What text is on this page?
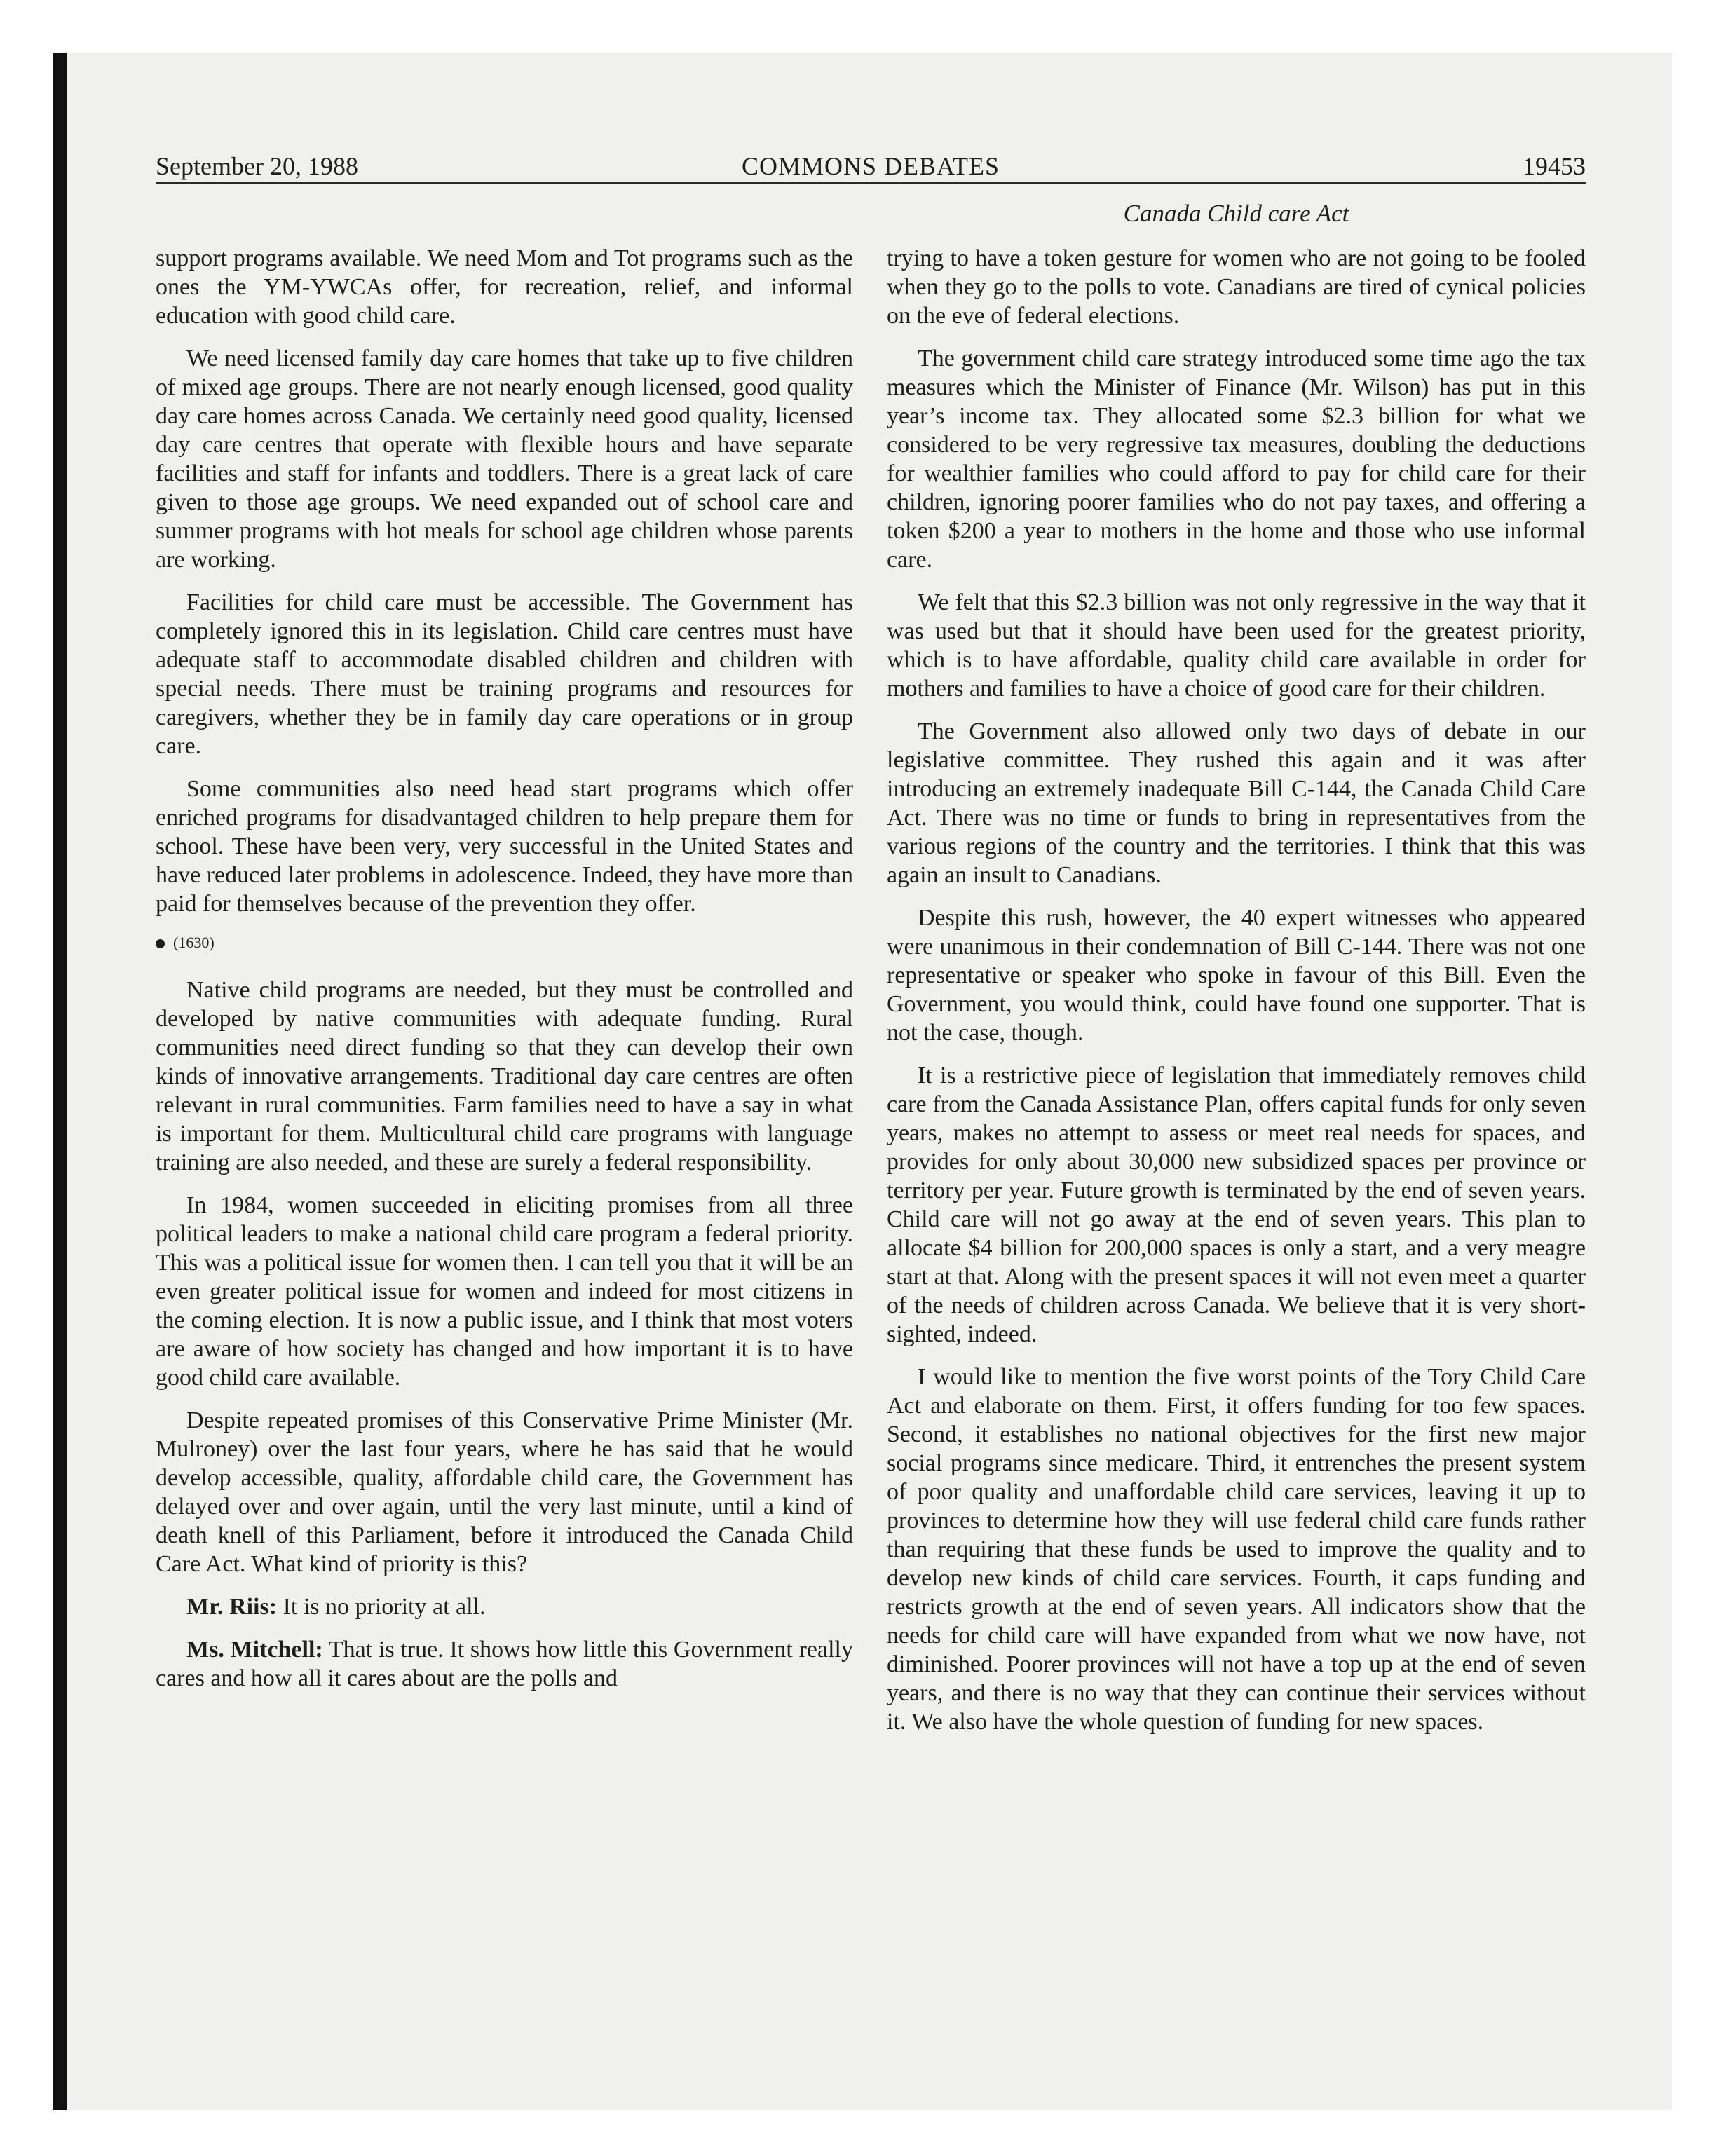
September 20, 1988	COMMONS DEBATES	19453
Canada Child care Act

support programs available. We need Mom and Tot programs such as the ones the YM-YWCAs offer, for recreation, relief, and informal education with good child care.

We need licensed family day care homes that take up to five children of mixed age groups. There are not nearly enough licensed, good quality day care homes across Canada. We certainly need good quality, licensed day care centres that operate with flexible hours and have separate facilities and staff for infants and toddlers. There is a great lack of care given to those age groups. We need expanded out of school care and summer programs with hot meals for school age children whose parents are working.

Facilities for child care must be accessible. The Government has completely ignored this in its legislation. Child care centres must have adequate staff to accommodate disabled children and children with special needs. There must be training programs and resources for caregivers, whether they be in family day care operations or in group care.

Some communities also need head start programs which offer enriched programs for disadvantaged children to help prepare them for school. These have been very, very successful in the United States and have reduced later problems in adolescence. Indeed, they have more than paid for themselves because of the prevention they offer.

(1630)

Native child programs are needed, but they must be controlled and developed by native communities with adequate funding. Rural communities need direct funding so that they can develop their own kinds of innovative arrangements. Traditional day care centres are often relevant in rural communities. Farm families need to have a say in what is important for them. Multicultural child care programs with language training are also needed, and these are surely a federal responsibility.

In 1984, women succeeded in eliciting promises from all three political leaders to make a national child care program a federal priority. This was a political issue for women then. I can tell you that it will be an even greater political issue for women and indeed for most citizens in the coming election. It is now a public issue, and I think that most voters are aware of how society has changed and how important it is to have good child care available.

Despite repeated promises of this Conservative Prime Minister (Mr. Mulroney) over the last four years, where he has said that he would develop accessible, quality, affordable child care, the Government has delayed over and over again, until the very last minute, until a kind of death knell of this Parliament, before it introduced the Canada Child Care Act. What kind of priority is this?

Mr. Riis: It is no priority at all.

Ms. Mitchell: That is true. It shows how little this Government really cares and how all it cares about are the polls and

trying to have a token gesture for women who are not going to be fooled when they go to the polls to vote. Canadians are tired of cynical policies on the eve of federal elections.

The government child care strategy introduced some time ago the tax measures which the Minister of Finance (Mr. Wilson) has put in this year’s income tax. They allocated some $2.3 billion for what we considered to be very regressive tax measures, doubling the deductions for wealthier families who could afford to pay for child care for their children, ignoring poorer families who do not pay taxes, and offering a token $200 a year to mothers in the home and those who use informal care.

We felt that this $2.3 billion was not only regressive in the way that it was used but that it should have been used for the greatest priority, which is to have affordable, quality child care available in order for mothers and families to have a choice of good care for their children.

The Government also allowed only two days of debate in our legislative committee. They rushed this again and it was after introducing an extremely inadequate Bill C-144, the Canada Child Care Act. There was no time or funds to bring in representatives from the various regions of the country and the territories. I think that this was again an insult to Canadians.

Despite this rush, however, the 40 expert witnesses who appeared were unanimous in their condemnation of Bill C-144. There was not one representative or speaker who spoke in favour of this Bill. Even the Government, you would think, could have found one supporter. That is not the case, though.

It is a restrictive piece of legislation that immediately removes child care from the Canada Assistance Plan, offers capital funds for only seven years, makes no attempt to assess or meet real needs for spaces, and provides for only about 30,000 new subsidized spaces per province or territory per year. Future growth is terminated by the end of seven years. Child care will not go away at the end of seven years. This plan to allocate $4 billion for 200,000 spaces is only a start, and a very meagre start at that. Along with the present spaces it will not even meet a quarter of the needs of children across Canada. We believe that it is very short-sighted, indeed.

I would like to mention the five worst points of the Tory Child Care Act and elaborate on them. First, it offers funding for too few spaces. Second, it establishes no national objectives for the first new major social programs since medicare. Third, it entrenches the present system of poor quality and unaffordable child care services, leaving it up to provinces to determine how they will use federal child care funds rather than requiring that these funds be used to improve the quality and to develop new kinds of child care services. Fourth, it caps funding and restricts growth at the end of seven years. All indicators show that the needs for child care will have expanded from what we now have, not diminished. Poorer provinces will not have a top up at the end of seven years, and there is no way that they can continue their services without it. We also have the whole question of funding for new spaces.
